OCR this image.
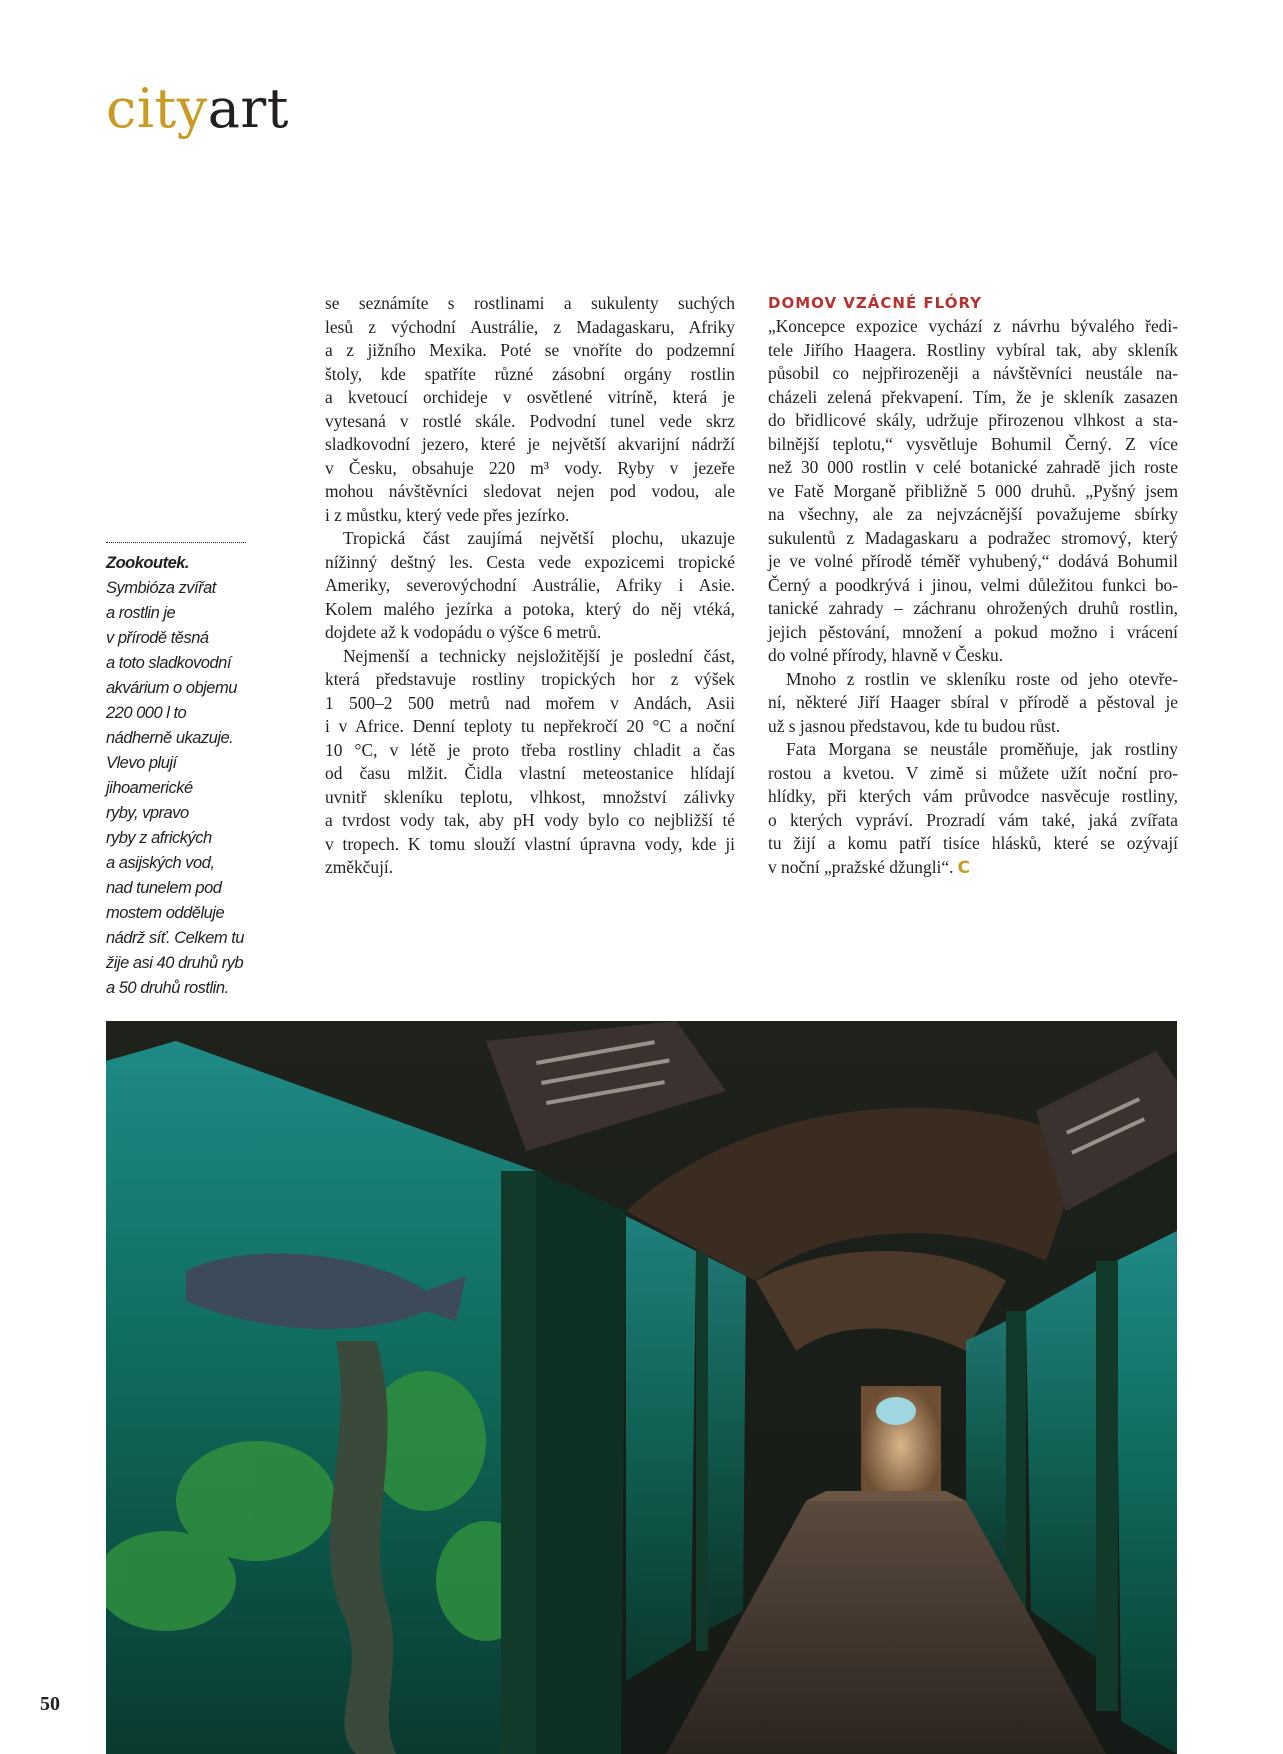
cityart

Zookoutek.
Symbióza zvířat
a rostlin je
v přírodě těsná
a toto sladkovodní
akvárium o objemu
220 000 l to
nádherně ukazuje.
Vlevo plují
jihoamerické
ryby, vpravo
ryby z afrických
a asijských vod,
nad tunelem pod
mostem odděluje
nádrž síť. Celkem tu
žije asi 40 druhů ryb
a 50 druhů rostlin.

se seznámíte s rostlinami a sukulenty suchých
lesů z východní Austrálie, z Madagaskaru, Afriky
a z jižního Mexika. Poté se vnoříte do podzemní
štoly, kde spatříte různé zásobní orgány rostlin
a kvetoucí orchideje v osvětlené vitríně, která je
vytesaná v rostlé skále. Podvodní tunel vede skrz
sladkovodní jezero, které je největší akvarijní nádrží
v Česku, obsahuje 220 m³ vody. Ryby v jezeře
mohou návštěvníci sledovat nejen pod vodou, ale
i z můstku, který vede přes jezírko.

Tropická část zaujímá největší plochu, ukazuje
nížinný deštný les. Cesta vede expozicemi tropické
Ameriky, severovýchodní Austrálie, Afriky i Asie.
Kolem malého jezírka a potoka, který do něj vtéká,
dojdete až k vodopádu o výšce 6 metrů.

Nejmenší a technicky nejsložitější je poslední část,
která představuje rostliny tropických hor z výšek
1 500–2 500 metrů nad mořem v Andách, Asii
i v Africe. Denní teploty tu nepřekročí 20 °C a noční
10 °C, v létě je proto třeba rostliny chladit a čas
od času mlžit. Čidla vlastní meteostanice hlídají
uvnitř skleníku teplotu, vlhkost, množství zálivky
a tvrdost vody tak, aby pH vody bylo co nejbližší té
v tropech. K tomu slouží vlastní úpravna vody, kde ji
změkčují.

DOMOV VZÁCNÉ FLÓRY

„Koncepce expozice vychází z návrhu bývalého ředi-
tele Jiřího Haagera. Rostliny vybíral tak, aby skleník
působil co nejpřirozeněji a návštěvníci neustále na-
cházeli zelená překvapení. Tím, že je skleník zasazen
do břidlicové skály, udržuje přirozenou vlhkost a sta-
bilnější teplotu,“ vysvětluje Bohumil Černý. Z více
než 30 000 rostlin v celé botanické zahradě jich roste
ve Fatě Morganě přibližně 5 000 druhů. „Pyšný jsem
na všechny, ale za nejvzácnější považujeme sbírky
sukulentů z Madagaskaru a podražec stromový, který
je ve volné přírodě téměř vyhubený,“ dodává Bohumil
Černý a poodkrývá i jinou, velmi důležitou funkci bo-
tanické zahrady – záchranu ohrožených druhů rostlin,
jejich pěstování, množení a pokud možno i vrácení
do volné přírody, hlavně v Česku.

Mnoho z rostlin ve skleníku roste od jeho otevře-
ní, některé Jiří Haager sbíral v přírodě a pěstoval je
už s jasnou představou, kde tu budou růst.

Fata Morgana se neustále proměňuje, jak rostliny
rostou a kvetou. V zimě si můžete užít noční pro-
hlídky, při kterých vám průvodce nasvěcuje rostliny,
o kterých vypráví. Prozradí vám také, jaká zvířata
tu žijí a komu patří tisíce hlásků, které se ozývají
v noční „pražské džungli“. C

50
